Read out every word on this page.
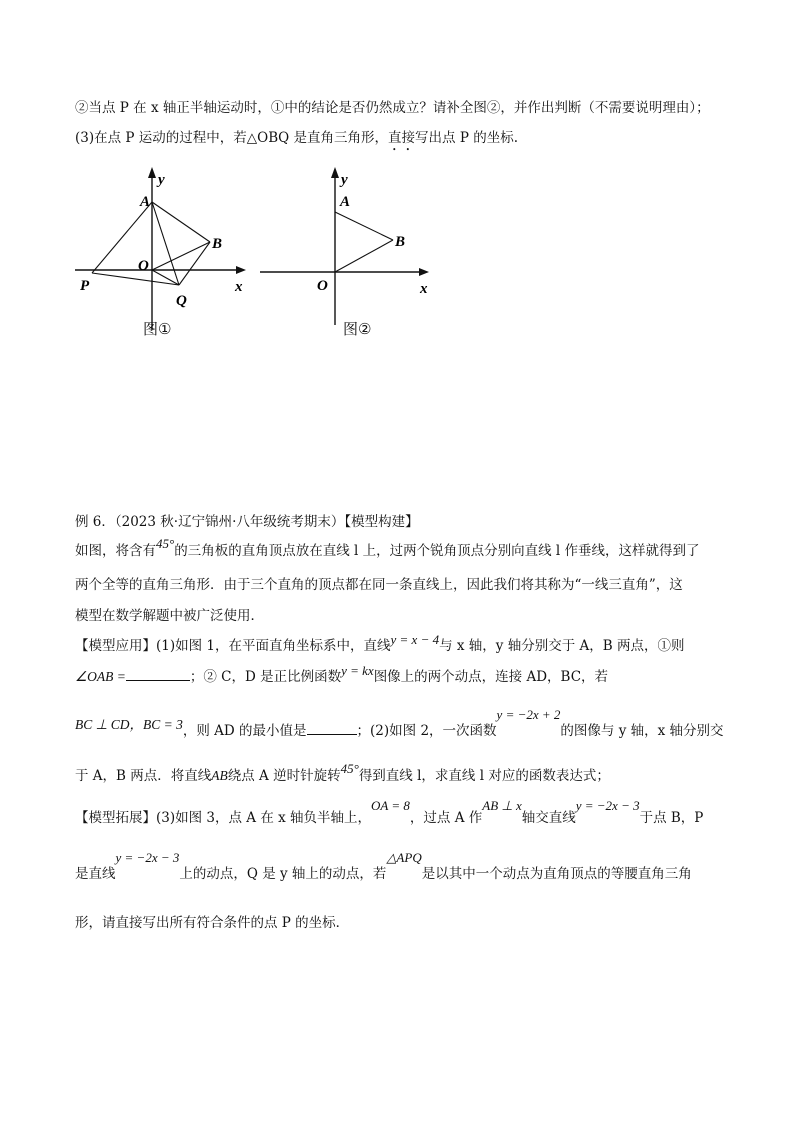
②当点 P 在 x 轴正半轴运动时，①中的结论是否仍然成立？请补全图②，并作出判断（不需要说明理由）；
(3)在点 P 运动的过程中，若△OBQ 是直角三角形，直接写出点 P 的坐标.
y
A
B
O
P
Q
x
图①
y
A
B
O	x
图②
例 6．（2023 秋·辽宁锦州·八年级统考期末）【模型构建】
如图，将含有45°的三角板的直角顶点放在直线 l 上，过两个锐角顶点分别向直线 l 作垂线，这样就得到了
两个全等的直角三角形．由于三个直角的顶点都在同一条直线上，因此我们将其称为“一线三直角”，这
模型在数学解题中被广泛使用．
【模型应用】(1)如图 1，在平面直角坐标系中，直线y = x − 4与 x 轴，y 轴分别交于 A，B 两点，①则
∠OAB =	；② C，D 是正比例函数y = kx图像上的两个动点，连接 AD，BC，若
BC ⊥ CD，BC = 3，则 AD 的最小值是	；(2)如图 2，一次函数y = −2x + 2的图像与 y 轴，x 轴分别交
于 A，B 两点．将直线AB绕点 A 逆时针旋转45°得到直线 l，求直线 l 对应的函数表达式；
【模型拓展】(3)如图 3，点 A 在 x 轴负半轴上，OA = 8，过点 A 作AB ⊥ x轴交直线y = −2x − 3于点 B，P
是直线y = −2x − 3上的动点，Q 是 y 轴上的动点，若△APQ是以其中一个动点为直角顶点的等腰直角三角
形，请直接写出所有符合条件的点 P 的坐标．
